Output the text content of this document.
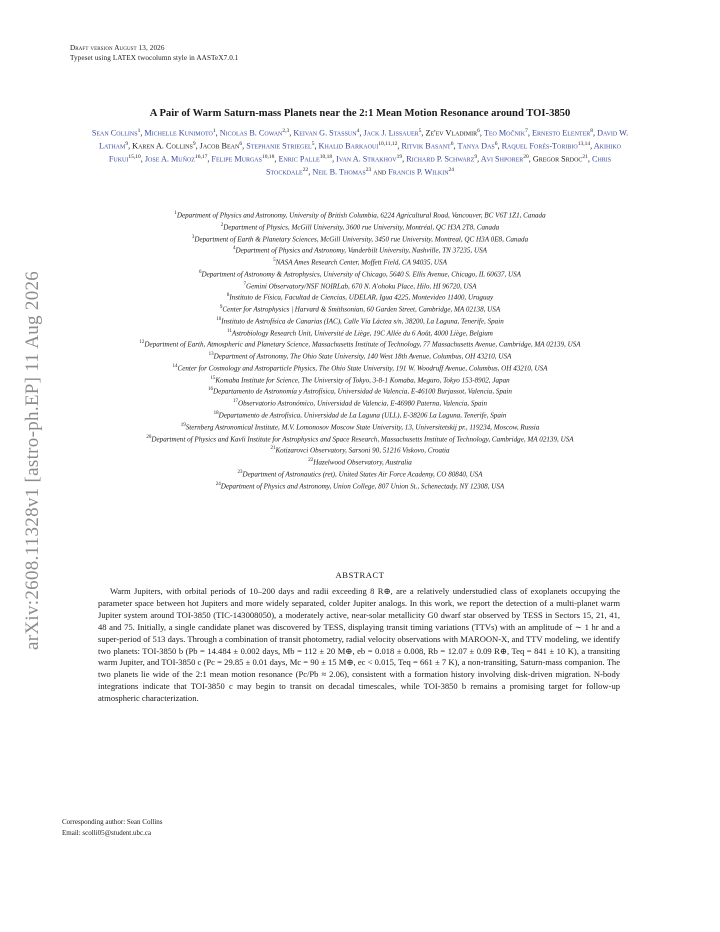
Draft version August 13, 2026
Typeset using LATEX twocolumn style in AASTeX7.0.1
arXiv:2608.11328v1 [astro-ph.EP] 11 Aug 2026
A Pair of Warm Saturn-mass Planets near the 2:1 Mean Motion Resonance around TOI-3850
Sean Collins$^1$, Michelle Kunimoto$^1$, Nicolas B. Cowan$^{2,3}$, Keivan G. Stassun$^4$, Jack J. Lissauer$^5$, Ze'ev Vladimir$^6$, Teo Močnik$^7$, Ernesto Elenter$^8$, David W. Latham$^9$, Karen A. Collins$^9$, Jacob Bean$^6$, Stephanie Striegel$^5$, Khalid Barkaoui$^{10,11,12}$, Ritvik Basant$^6$, Tanya Das$^6$, Raquel Forés-Toribio$^{13,14}$, Akihiko Fukui$^{15,10}$, Jose A. Muñoz$^{16,17}$, Felipe Murgas$^{10,18}$, Enric Palle$^{10,18}$, Ivan A. Strakhov$^{19}$, Richard P. Schwarz$^9$, Avi Shporer$^{20}$, Gregor Srdoc$^{21}$, Chris Stockdale$^{22}$, Neil B. Thomas$^{23}$ and Francis P. Wilkin$^{24}$
$^1$Department of Physics and Astronomy, University of British Columbia, 6224 Agricultural Road, Vancouver, BC V6T 1Z1, Canada
$^2$Department of Physics, McGill University, 3600 rue University, Montréal, QC H3A 2T8, Canada
$^3$Department of Earth & Planetary Sciences, McGill University, 3450 rue University, Montreal, QC H3A 0E8, Canada
$^4$Department of Physics and Astronomy, Vanderbilt University, Nashville, TN 37235, USA
$^5$NASA Ames Research Center, Moffett Field, CA 94035, USA
$^6$Department of Astronomy & Astrophysics, University of Chicago, 5640 S. Ellis Avenue, Chicago, IL 60637, USA
$^7$Gemini Observatory/NSF NOIRLab, 670 N. A'ohoku Place, Hilo, HI 96720, USA
$^8$Instituto de Física, Facultad de Ciencias, UDELAR, Igua 4225, Montevideo 11400, Uruguay
$^9$Center for Astrophysics | Harvard & Smithsonian, 60 Garden Street, Cambridge, MA 02138, USA
$^{10}$Instituto de Astrofísica de Canarias (IAC), Calle Vía Láctea s/n, 38200, La Laguna, Tenerife, Spain
$^{11}$Astrobiology Research Unit, Université de Liège, 19C Allée du 6 Août, 4000 Liège, Belgium
$^{12}$Department of Earth, Atmospheric and Planetary Science, Massachusetts Institute of Technology, 77 Massachusetts Avenue, Cambridge, MA 02139, USA
$^{13}$Department of Astronomy, The Ohio State University, 140 West 18th Avenue, Columbus, OH 43210, USA
$^{14}$Center for Cosmology and Astroparticle Physics, The Ohio State University, 191 W. Woodruff Avenue, Columbus, OH 43210, USA
$^{15}$Komaba Institute for Science, The University of Tokyo, 3-8-1 Komaba, Meguro, Tokyo 153-8902, Japan
$^{16}$Departamento de Astronomía y Astrofísica, Universidad de Valencia, E-46100 Burjassot, Valencia, Spain
$^{17}$Observatorio Astronómico, Universidad de Valencia, E-46980 Paterna, Valencia, Spain
$^{18}$Departamento de Astrofísica, Universidad de La Laguna (ULL), E-38206 La Laguna, Tenerife, Spain
$^{19}$Sternberg Astronomical Institute, M.V. Lomonosov Moscow State University, 13, Universitetskij pr., 119234, Moscow, Russia
$^{20}$Department of Physics and Kavli Institute for Astrophysics and Space Research, Massachusetts Institute of Technology, Cambridge, MA 02139, USA
$^{21}$Kotizarovci Observatory, Sarsoni 90, 51216 Viskovo, Croatia
$^{22}$Hazelwood Observatory, Australia
$^{23}$Department of Astronautics (ret), United States Air Force Academy, CO 80840, USA
$^{24}$Department of Physics and Astronomy, Union College, 807 Union St., Schenectady, NY 12308, USA
ABSTRACT
Warm Jupiters, with orbital periods of 10–200 days and radii exceeding 8 R⊕, are a relatively understudied class of exoplanets occupying the parameter space between hot Jupiters and more widely separated, colder Jupiter analogs. In this work, we report the detection of a multi-planet warm Jupiter system around TOI-3850 (TIC-143008050), a moderately active, near-solar metallicity G0 dwarf star observed by TESS in Sectors 15, 21, 41, 48 and 75. Initially, a single candidate planet was discovered by TESS, displaying transit timing variations (TTVs) with an amplitude of ∼ 1 hr and a super-period of 513 days. Through a combination of transit photometry, radial velocity observations with MAROON-X, and TTV modeling, we identify two planets: TOI-3850 b (Pb = 14.484 ± 0.002 days, Mb = 112 ± 20 M⊕, eb = 0.018 ± 0.008, Rb = 12.07 ± 0.09 R⊕, Teq = 841 ± 10 K), a transiting warm Jupiter, and TOI-3850 c (Pc = 29.85 ± 0.01 days, Mc = 90 ± 15 M⊕, ec < 0.015, Teq = 661 ± 7 K), a non-transiting, Saturn-mass companion. The two planets lie wide of the 2:1 mean motion resonance (Pc/Pb ≈ 2.06), consistent with a formation history involving disk-driven migration. N-body integrations indicate that TOI-3850 c may begin to transit on decadal timescales, while TOI-3850 b remains a promising target for follow-up atmospheric characterization.
Corresponding author: Sean Collins
Email: scolli05@student.ubc.ca
